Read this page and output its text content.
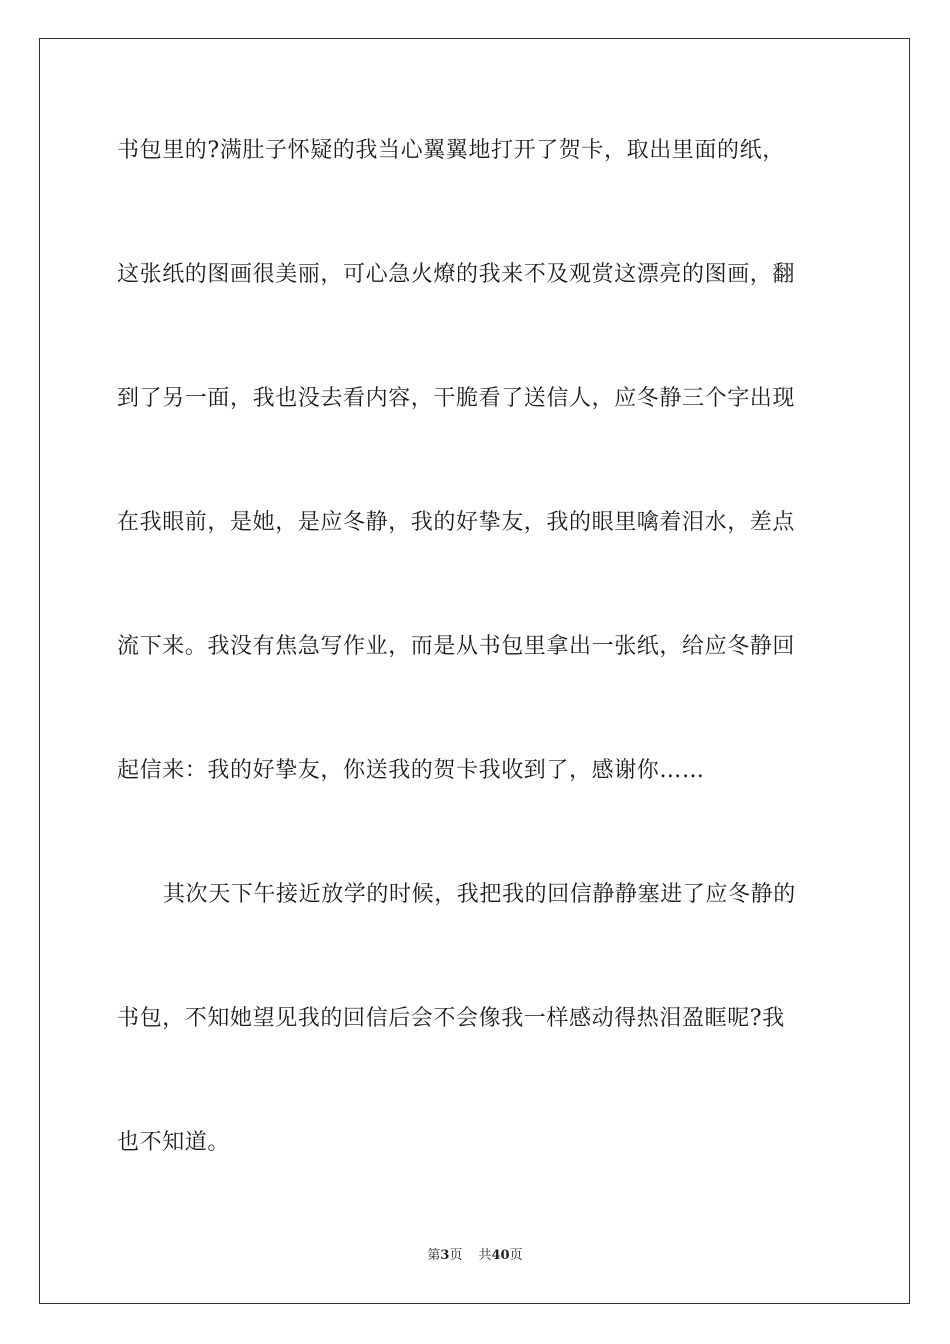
书包里的?满肚子怀疑的我当心翼翼地打开了贺卡，取出里面的纸，
这张纸的图画很美丽，可心急火燎的我来不及观赏这漂亮的图画，翻
到了另一面，我也没去看内容，干脆看了送信人，应冬静三个字出现
在我眼前，是她，是应冬静，我的好挚友，我的眼里噙着泪水，差点
流下来。我没有焦急写作业，而是从书包里拿出一张纸，给应冬静回
起信来：我的好挚友，你送我的贺卡我收到了，感谢你……
其次天下午接近放学的时候，我把我的回信静静塞进了应冬静的
书包，不知她望见我的回信后会不会像我一样感动得热泪盈眶呢?我
也不知道。
第3页 共40页
